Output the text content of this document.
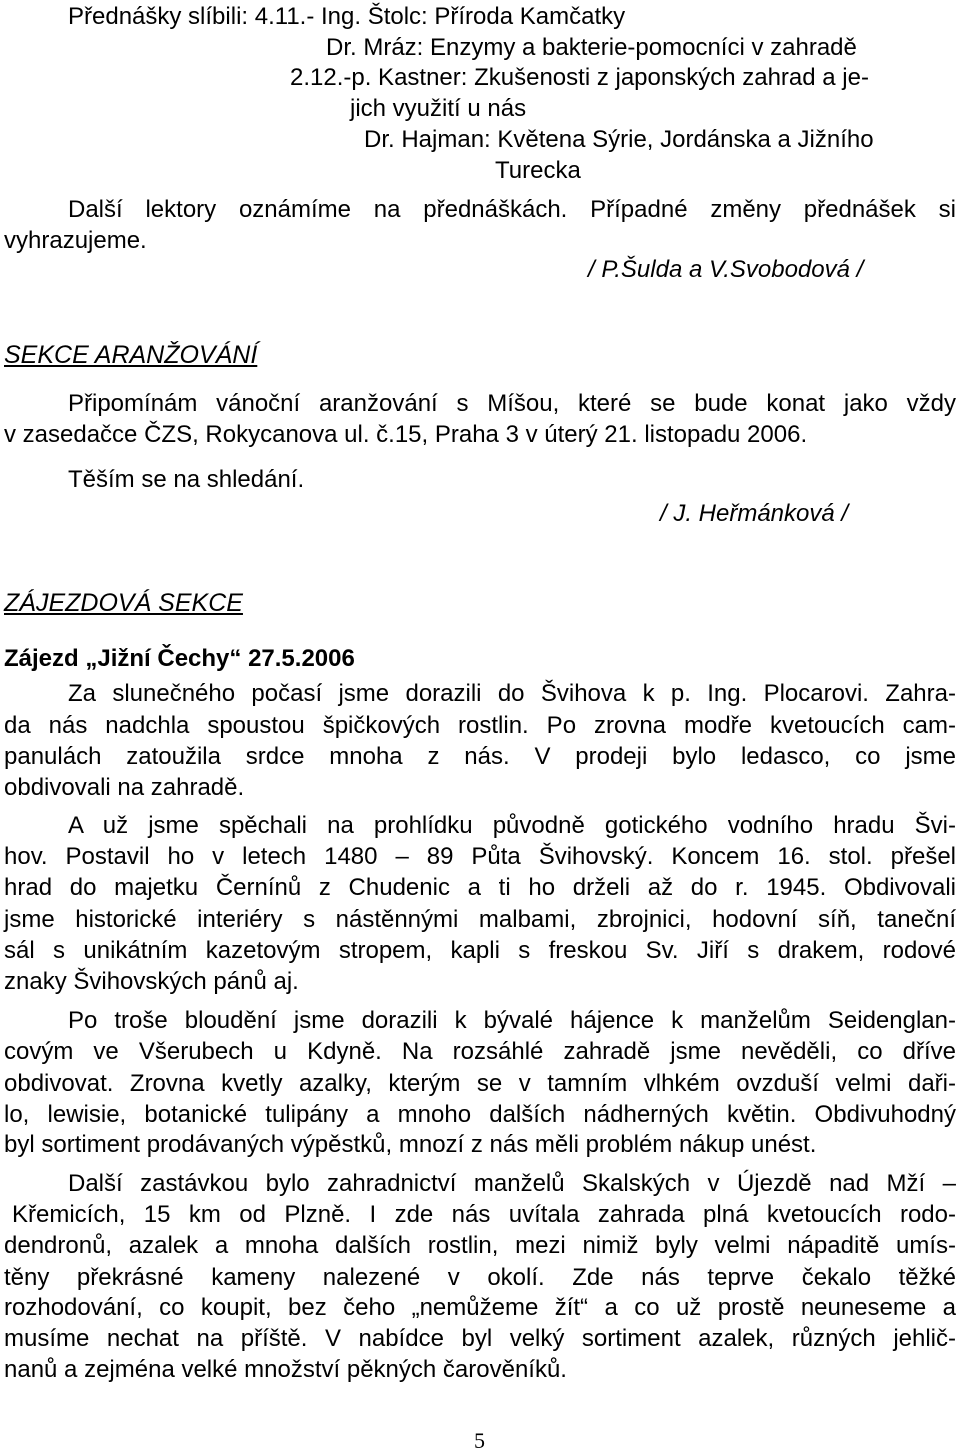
Přednášky slíbili: 4.11.- Ing. Štolc: Příroda Kamčatky
Dr. Mráz: Enzymy a bakterie-pomocníci v zahradě
2.12.-p. Kastner: Zkušenosti z japonských zahrad a je-
jich využití u nás
Dr. Hajman: Květena Sýrie, Jordánska a Jižního
Turecka
Další lektory oznámíme na přednáškách. Případné změny přednášek si
vyhrazujeme.
/ P.Šulda a V.Svobodová /
SEKCE ARANŽOVÁNÍ
Připomínám vánoční aranžování s Míšou, které se bude konat jako vždy
v zasedačce ČZS, Rokycanova ul. č.15, Praha 3 v úterý 21. listopadu 2006.
Těším se na shledání.
/ J. Heřmánková /
ZÁJEZDOVÁ SEKCE
Zájezd „Jižní Čechy“ 27.5.2006
Za slunečného počasí jsme dorazili do Švihova k p. Ing. Plocarovi. Zahra-
da nás nadchla spoustou špičkových rostlin. Po zrovna modře kvetoucích cam-
panulách zatoužila srdce mnoha z nás. V prodeji bylo ledasco, co jsme
obdivovali na zahradě.
A už jsme spěchali na prohlídku původně gotického vodního hradu Švi-
hov. Postavil ho v letech 1480 – 89 Půta Švihovský. Koncem 16. stol. přešel
hrad do majetku Černínů z Chudenic a ti ho drželi až do r. 1945. Obdivovali
jsme historické interiéry s nástěnnými malbami, zbrojnici, hodovní síň, taneční
sál s unikátním kazetovým stropem, kapli s freskou Sv. Jiří s drakem, rodové
znaky Švihovských pánů aj.
Po troše bloudění jsme dorazili k bývalé hájence k manželům Seidenglan-
covým ve Všerubech u Kdyně. Na rozsáhlé zahradě jsme nevěděli, co dříve
obdivovat. Zrovna kvetly azalky, kterým se v tamním vlhkém ovzduší velmi daři-
lo, lewisie, botanické tulipány a mnoho dalších nádherných květin. Obdivuhodný
byl sortiment prodávaných výpěstků, mnozí z nás měli problém nákup unést.
Další zastávkou bylo zahradnictví manželů Skalských v Újezdě nad Mží –
Křemicích, 15 km od Plzně. I zde nás uvítala zahrada plná kvetoucích rodo-
dendronů, azalek a mnoha dalších rostlin, mezi nimiž byly velmi nápaditě umís-
těny překrásné kameny nalezené v okolí. Zde nás teprve čekalo těžké
rozhodování, co koupit, bez čeho „nemůžeme žít“ a co už prostě neuneseme a
musíme nechat na příště. V nabídce byl velký sortiment azalek, různých jehlič-
nanů a zejména velké množství pěkných čarověníků.
5
